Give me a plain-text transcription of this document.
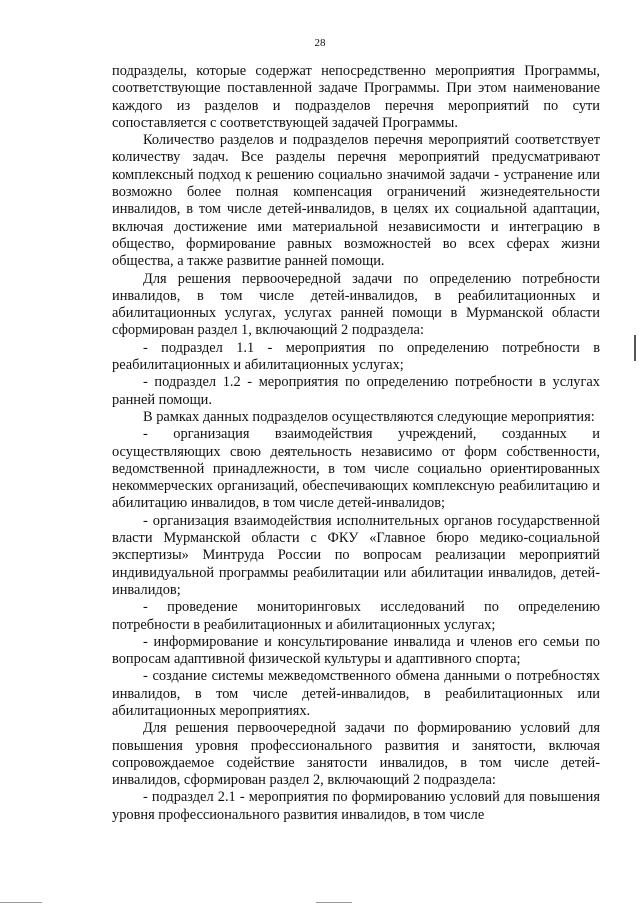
28

подразделы, которые содержат непосредственно мероприятия Программы, соответствующие поставленной задаче Программы. При этом наименование каждого из разделов и подразделов перечня мероприятий по сути сопоставляется с соответствующей задачей Программы.

Количество разделов и подразделов перечня мероприятий соответствует количеству задач. Все разделы перечня мероприятий предусматривают комплексный подход к решению социально значимой задачи - устранение или возможно более полная компенсация ограничений жизнедеятельности инвалидов, в том числе детей-инвалидов, в целях их социальной адаптации, включая достижение ими материальной независимости и интеграцию в общество, формирование равных возможностей во всех сферах жизни общества, а также развитие ранней помощи.

Для решения первоочередной задачи по определению потребности инвалидов, в том числе детей-инвалидов, в реабилитационных и абилитационных услугах, услугах ранней помощи в Мурманской области сформирован раздел 1, включающий 2 подраздела:

- подраздел 1.1 - мероприятия по определению потребности в реабилитационных и абилитационных услугах;

- подраздел 1.2 - мероприятия по определению потребности в услугах ранней помощи.

В рамках данных подразделов осуществляются следующие мероприятия:

- организация взаимодействия учреждений, созданных и осуществляющих свою деятельность независимо от форм собственности, ведомственной принадлежности, в том числе социально ориентированных некоммерческих организаций, обеспечивающих комплексную реабилитацию и абилитацию инвалидов, в том числе детей-инвалидов;

- организация взаимодействия исполнительных органов государственной власти Мурманской области с ФКУ «Главное бюро медико-социальной экспертизы» Минтруда России по вопросам реализации мероприятий индивидуальной программы реабилитации или абилитации инвалидов, детей-инвалидов;

- проведение мониторинговых исследований по определению потребности в реабилитационных и абилитационных услугах;

- информирование и консультирование инвалида и членов его семьи по вопросам адаптивной физической культуры и адаптивного спорта;

- создание системы межведомственного обмена данными о потребностях инвалидов, в том числе детей-инвалидов, в реабилитационных или абилитационных мероприятиях.

Для решения первоочередной задачи по формированию условий для повышения уровня профессионального развития и занятости, включая сопровождаемое содействие занятости инвалидов, в том числе детей-инвалидов, сформирован раздел 2, включающий 2 подраздела:

- подраздел 2.1 - мероприятия по формированию условий для повышения уровня профессионального развития инвалидов, в том числе
